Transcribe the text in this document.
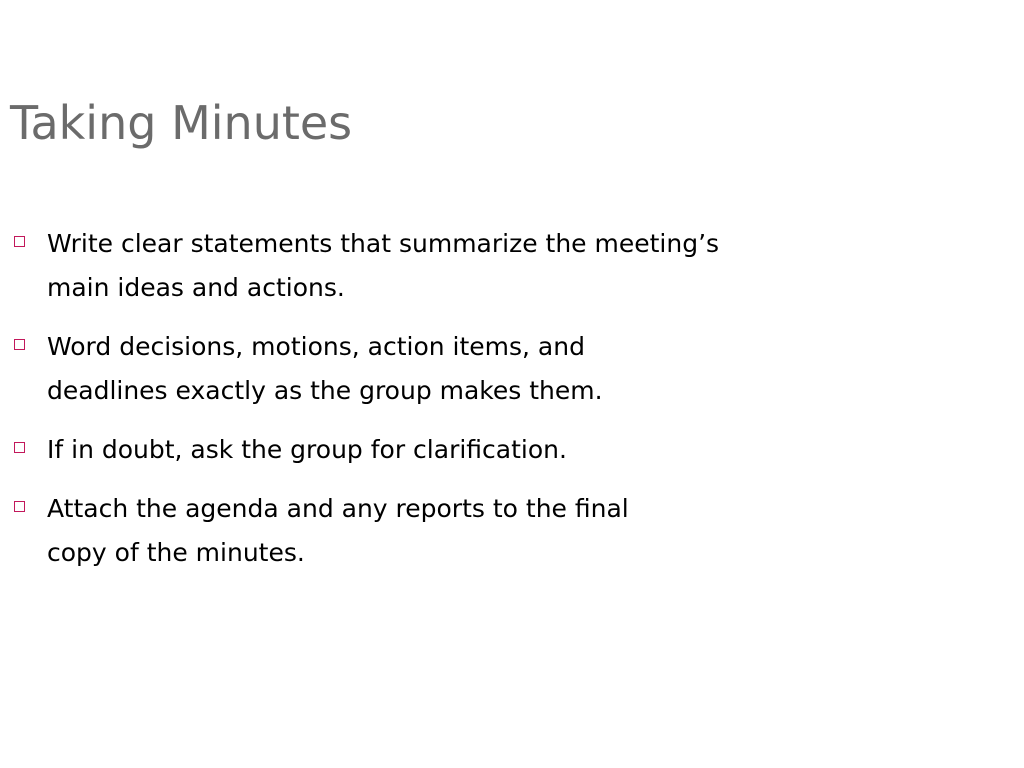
Taking Minutes
Write clear statements that summarize the meeting’s
main ideas and actions.
Word decisions, motions, action items, and
deadlines exactly as the group makes them.
If in doubt, ask the group for clarification.
Attach the agenda and any reports to the final
copy of the minutes.
